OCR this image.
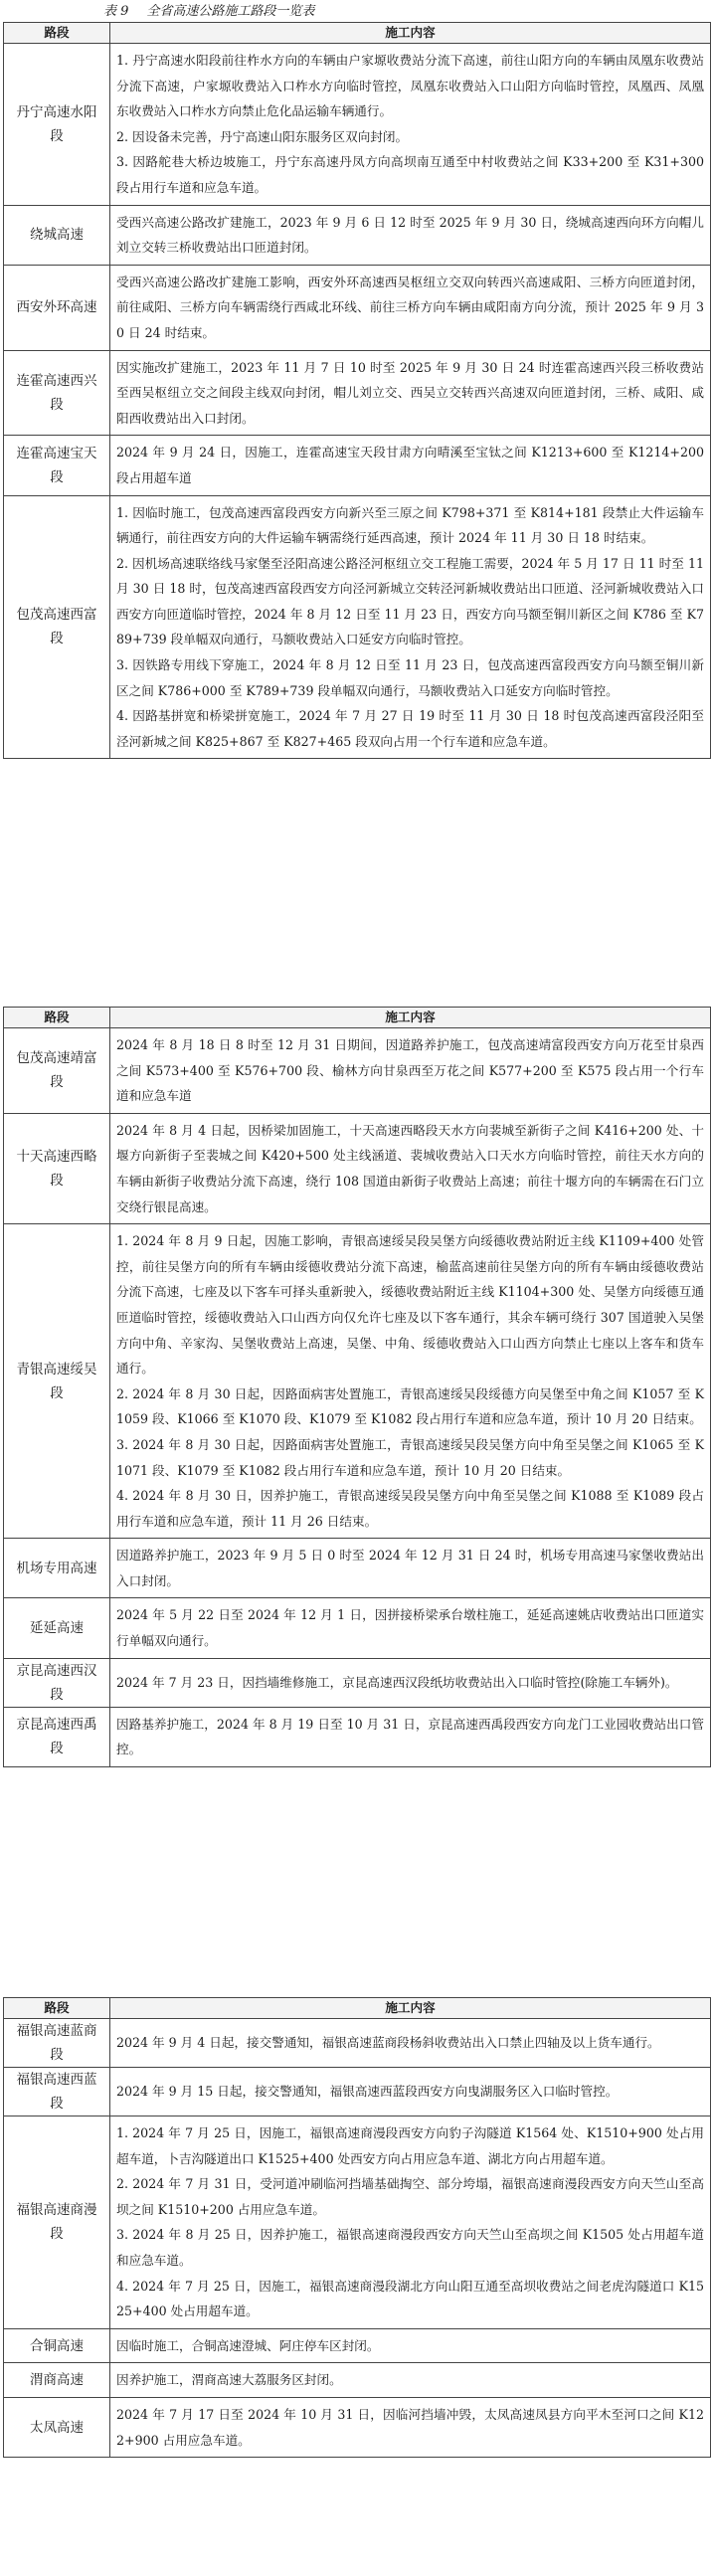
表 9 全省高速公路施工路段一览表
路段	施工内容
丹宁高速水阳段	1. 丹宁高速水阳段前往柞水方向的车辆由户家塬收费站分流下高速，前往山阳方向的车辆由凤凰东收费站分流下高速，户家塬收费站入口柞水方向临时管控，凤凰东收费站入口山阳方向临时管控，凤凰西、凤凰东收费站入口柞水方向禁止危化品运输车辆通行。

2. 因设备未完善，丹宁高速山阳东服务区双向封闭。

3. 因路舵巷大桥边坡施工，丹宁东高速丹凤方向高坝南互通至中村收费站之间 K33+200 至 K31+300 段占用行车道和应急车道。

绕城高速	受西兴高速公路改扩建施工，2023 年 9 月 6 日 12 时至 2025 年 9 月 30 日，绕城高速西向环方向帽儿刘立交转三桥收费站出口匝道封闭。

西安外环高速	受西兴高速公路改扩建施工影响，西安外环高速西吴枢纽立交双向转西兴高速咸阳、三桥方向匝道封闭，前往咸阳、三桥方向车辆需绕行西咸北环线、前往三桥方向车辆由咸阳南方向分流，预计 2025 年 9 月 30 日 24 时结束。

连霍高速西兴段	因实施改扩建施工，2023 年 11 月 7 日 10 时至 2025 年 9 月 30 日 24 时连霍高速西兴段三桥收费站至西吴枢纽立交之间段主线双向封闭，帽儿刘立交、西吴立交转西兴高速双向匝道封闭，三桥、咸阳、咸阳西收费站出入口封闭。

连霍高速宝天段	2024 年 9 月 24 日，因施工，连霍高速宝天段甘肃方向晴溪至宝钛之间 K1213+600 至 K1214+200 段占用超车道

包茂高速西富段	1. 因临时施工，包茂高速西富段西安方向新兴至三原之间 K798+371 至 K814+181 段禁止大件运输车辆通行，前往西安方向的大件运输车辆需绕行延西高速，预计 2024 年 11 月 30 日 18 时结束。

2. 因机场高速联络线马家堡至泾阳高速公路泾河枢纽立交工程施工需要，2024 年 5 月 17 日 11 时至 11 月 30 日 18 时，包茂高速西富段西安方向泾河新城立交转泾河新城收费站出口匝道、泾河新城收费站入口西安方向匝道临时管控，2024 年 8 月 12 日至 11 月 23 日，西安方向马额至铜川新区之间 K786 至 K789+739 段单幅双向通行，马额收费站入口延安方向临时管控。

3. 因铁路专用线下穿施工，2024 年 8 月 12 日至 11 月 23 日，包茂高速西富段西安方向马额至铜川新区之间 K786+000 至 K789+739 段单幅双向通行，马额收费站入口延安方向临时管控。

4. 因路基拼宽和桥梁拼宽施工，2024 年 7 月 27 日 19 时至 11 月 30 日 18 时包茂高速西富段泾阳至泾河新城之间 K825+867 至 K827+465 段双向占用一个行车道和应急车道。

路段	施工内容
包茂高速靖富段	2024 年 8 月 18 日 8 时至 12 月 31 日期间，因道路养护施工，包茂高速靖富段西安方向万花至甘泉西之间 K573+400 至 K576+700 段、榆林方向甘泉西至万花之间 K577+200 至 K575 段占用一个行车道和应急车道

十天高速西略段	2024 年 8 月 4 日起，因桥梁加固施工，十天高速西略段天水方向裴城至新街子之间 K416+200 处、十堰方向新街子至裴城之间 K420+500 处主线涵道、裴城收费站入口天水方向临时管控，前往天水方向的车辆由新街子收费站分流下高速，绕行 108 国道由新街子收费站上高速；前往十堰方向的车辆需在石门立交绕行银昆高速。

青银高速绥吴段	1. 2024 年 8 月 9 日起，因施工影响，青银高速绥吴段吴堡方向绥德收费站附近主线 K1109+400 处管控，前往吴堡方向的所有车辆由绥德收费站分流下高速，榆蓝高速前往吴堡方向的所有车辆由绥德收费站分流下高速，七座及以下客车可择头重新驶入，绥德收费站附近主线 K1104+300 处、吴堡方向绥德互通匝道临时管控，绥德收费站入口山西方向仅允许七座及以下客车通行，其余车辆可绕行 307 国道驶入吴堡方向中角、辛家沟、吴堡收费站上高速，吴堡、中角、绥德收费站入口山西方向禁止七座以上客车和货车通行。

2. 2024 年 8 月 30 日起，因路面病害处置施工，青银高速绥吴段绥德方向吴堡至中角之间 K1057 至 K1059 段、K1066 至 K1070 段、K1079 至 K1082 段占用行车道和应急车道，预计 10 月 20 日结束。

3. 2024 年 8 月 30 日起，因路面病害处置施工，青银高速绥吴段吴堡方向中角至吴堡之间 K1065 至 K1071 段、K1079 至 K1082 段占用行车道和应急车道，预计 10 月 20 日结束。

4. 2024 年 8 月 30 日，因养护施工，青银高速绥吴段吴堡方向中角至吴堡之间 K1088 至 K1089 段占用行车道和应急车道，预计 11 月 26 日结束。

机场专用高速	因道路养护施工，2023 年 9 月 5 日 0 时至 2024 年 12 月 31 日 24 时，机场专用高速马家堡收费站出入口封闭。

延延高速	2024 年 5 月 22 日至 2024 年 12 月 1 日，因拼接桥梁承台墩柱施工，延延高速姚店收费站出口匝道实行单幅双向通行。

京昆高速西汉段	2024 年 7 月 23 日，因挡墙维修施工，京昆高速西汉段纸坊收费站出入口临时管控(除施工车辆外)。

京昆高速西禹段	因路基养护施工，2024 年 8 月 19 日至 10 月 31 日，京昆高速西禹段西安方向龙门工业园收费站出口管控。

路段	施工内容
福银高速蓝商段	2024 年 9 月 4 日起，接交警通知，福银高速蓝商段杨斜收费站出入口禁止四轴及以上货车通行。

福银高速西蓝段	2024 年 9 月 15 日起，接交警通知，福银高速西蓝段西安方向曳湖服务区入口临时管控。

福银高速商漫段	1. 2024 年 7 月 25 日，因施工，福银高速商漫段西安方向豹子沟隧道 K1564 处、K1510+900 处占用超车道，卜吉沟隧道出口 K1525+400 处西安方向占用应急车道、湖北方向占用超车道。

2. 2024 年 7 月 31 日，受河道冲刷临河挡墙基础掏空、部分垮塌，福银高速商漫段西安方向天竺山至高坝之间 K1510+200 占用应急车道。

3. 2024 年 8 月 25 日，因养护施工，福银高速商漫段西安方向天竺山至高坝之间 K1505 处占用超车道和应急车道。

4. 2024 年 7 月 25 日，因施工，福银高速商漫段湖北方向山阳互通至高坝收费站之间老虎沟隧道口 K1525+400 处占用超车道。

合铜高速	因临时施工，合铜高速澄城、阿庄停车区封闭。

渭商高速	因养护施工，渭商高速大荔服务区封闭。

太凤高速	2024 年 7 月 17 日至 2024 年 10 月 31 日，因临河挡墙冲毁，太凤高速凤县方向平木至河口之间 K122+900 占用应急车道。
